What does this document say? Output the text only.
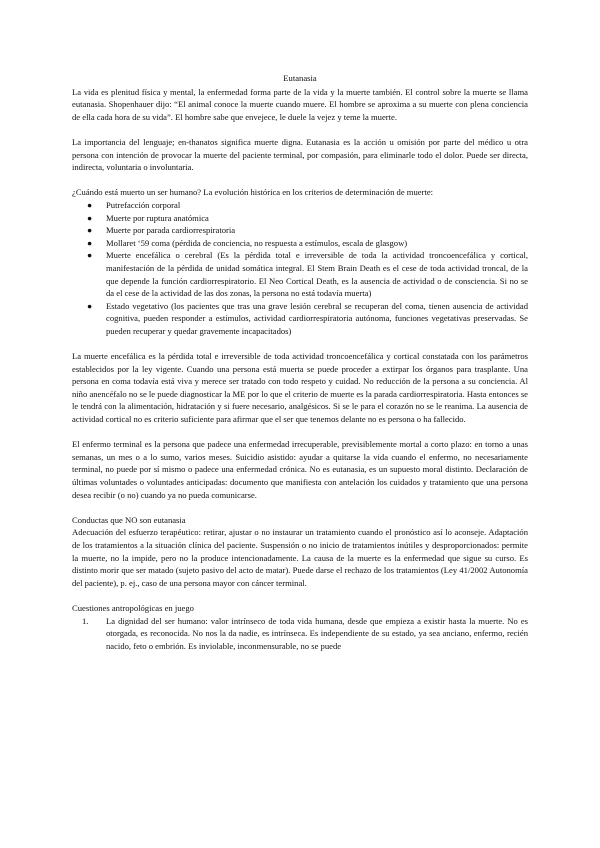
Eutanasia

La vida es plenitud física y mental, la enfermedad forma parte de la vida y la muerte también. El control sobre la muerte se llama eutanasia. Shopenhauer dijo: “El animal conoce la muerte cuando muere. El hombre se aproxima a su muerte con plena conciencia de ella cada hora de su vida”. El hombre sabe que envejece, le duele la vejez y teme la muerte.

La importancia del lenguaje; en-thanatos significa muerte digna. Eutanasia es la acción u omisión por parte del médico u otra persona con intención de provocar la muerte del paciente terminal, por compasión, para eliminarle todo el dolor. Puede ser directa, indirecta, voluntaria o involuntaria.

¿Cuándo está muerto un ser humano? La evolución histórica en los criterios de determinación de muerte:
● Putrefacción corporal
● Muerte por ruptura anatómica
● Muerte por parada cardiorrespiratoria
● Mollaret ‘59 coma (pérdida de conciencia, no respuesta a estímulos, escala de glasgow)
● Muerte encefálica o cerebral (Es la pérdida total e irreversible de toda la actividad troncoencefálica y cortical, manifestación de la pérdida de unidad somática integral. El Stem Brain Death es el cese de toda actividad troncal, de la que depende la función cardiorrespiratorio. El Neo Cortical Death, es la ausencia de actividad o de consciencia. Si no se da el cese de la actividad de las dos zonas, la persona no está todavía muerta)
● Estado vegetativo (los pacientes que tras una grave lesión cerebral se recuperan del coma, tienen ausencia de actividad cognitiva, pueden responder a estímulos, actividad cardiorrespiratoria autónoma, funciones vegetativas preservadas. Se pueden recuperar y quedar gravemente incapacitados)

La muerte encefálica es la pérdida total e irreversible de toda actividad troncoencefálica y cortical constatada con los parámetros establecidos por la ley vigente. Cuando una persona está muerta se puede proceder a extirpar los órganos para trasplante. Una persona en coma todavía está viva y merece ser tratado con todo respeto y cuidad. No reducción de la persona a su conciencia. Al niño anencéfalo no se le puede diagnosticar la ME por lo que el criterio de muerte es la parada cardiorrespiratoria. Hasta entonces se le tendrá con la alimentación, hidratación y si fuere necesario, analgésicos. Si se le para el corazón no se le reanima. La ausencia de actividad cortical no es criterio suficiente para afirmar que el ser que tenemos delante no es persona o ha fallecido.

El enfermo terminal es la persona que padece una enfermedad irrecuperable, previsiblemente mortal a corto plazo: en torno a unas semanas, un mes o a lo sumo, varios meses. Suicidio asistido: ayudar a quitarse la vida cuando el enfermo, no necesariamente terminal, no puede por sí mismo o padece una enfermedad crónica. No es eutanasia, es un supuesto moral distinto. Declaración de últimas voluntades o voluntades anticipadas: documento que manifiesta con antelación los cuidados y tratamiento que una persona desea recibir (o no) cuando ya no pueda comunicarse.

Conductas que NO son eutanasia

Adecuación del esfuerzo terapéutico: retirar, ajustar o no instaurar un tratamiento cuando el pronóstico así lo aconseje. Adaptación de los tratamientos a la situación clínica del paciente. Suspensión o no inicio de tratamientos inútiles y desproporcionados: permite la muerte, no la impide, pero no la produce intencionadamente. La causa de la muerte es la enfermedad que sigue su curso. Es distinto morir que ser matado (sujeto pasivo del acto de matar). Puede darse el rechazo de los tratamientos (Ley 41/2002 Autonomía del paciente), p. ej., caso de una persona mayor con cáncer terminal.

Cuestiones antropológicas en juego
1. La dignidad del ser humano: valor intrínseco de toda vida humana, desde que empieza a existir hasta la muerte. No es otorgada, es reconocida. No nos la da nadie, es intrínseca. Es independiente de su estado, ya sea anciano, enfermo, recién nacido, feto o embrión. Es inviolable, inconmensurable, no se puede
